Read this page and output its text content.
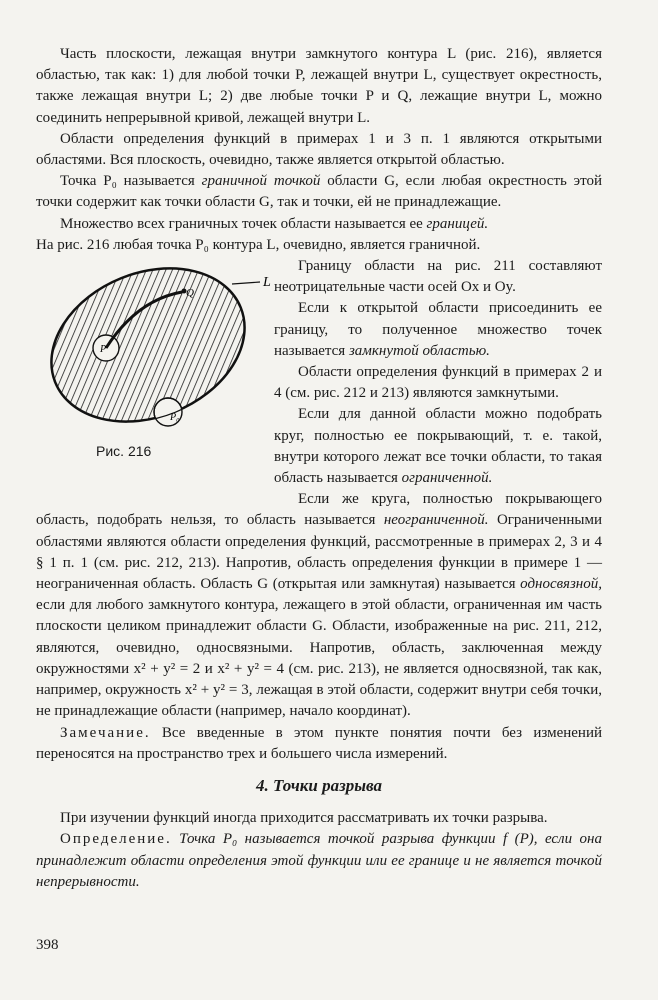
Часть плоскости, лежащая внутри замкнутого контура L (рис. 216), является областью, так как: 1) для любой точки P, лежащей внутри L, существует окрестность, также лежащая внутри L; 2) две любые точки P и Q, лежащие внутри L, можно соединить непрерывной кривой, лежащей внутри L.

Области определения функций в примерах 1 и 3 п. 1 являются открытыми областями. Вся плоскость, очевидно, также является открытой областью.

Точка P₀ называется граничной точкой области G, если любая окрестность этой точки содержит как точки области G, так и точки, ей не принадлежащие.

Множество всех граничных точек области называется ее границей.

На рис. 216 любая точка P₀ контура L, очевидно, является граничной.

L
Q
P
P₀
Рис. 216

Границу области на рис. 211 составляют неотрицательные части осей Ox и Oy.

Если к открытой области присоединить ее границу, то полученное множество точек называется замкнутой областью.

Области определения функций в примерах 2 и 4 (см. рис. 212 и 213) являются замкнутыми.

Если для данной области можно подобрать круг, полностью ее покрывающий, т. е. такой, внутри которого лежат все точки области, то такая область называется ограниченной.

Если же круга, полностью покрывающего область, подобрать нельзя, то область называется неограниченной. Ограниченными областями являются области определения функций, рассмотренные в примерах 2, 3 и 4 § 1 п. 1 (см. рис. 212, 213). Напротив, область определения функции в примере 1 — неограниченная область. Область G (открытая или замкнутая) называется односвязной, если для любого замкнутого контура, лежащего в этой области, ограниченная им часть плоскости целиком принадлежит области G. Области, изображенные на рис. 211, 212, являются, очевидно, односвязными. Напротив, область, заключенная между окружностями x² + y² = 2 и x² + y² = 4 (см. рис. 213), не является односвязной, так как, например, окружность x² + y² = 3, лежащая в этой области, содержит внутри себя точки, не принадлежащие области (например, начало координат).

Замечание. Все введенные в этом пункте понятия почти без изменений переносятся на пространство трех и большего числа измерений.

4. Точки разрыва

При изучении функций иногда приходится рассматривать их точки разрыва.

Определение. Точка P₀ называется точкой разрыва функции f (P), если она принадлежит области определения этой функции или ее границе и не является точкой непрерывности.

398
